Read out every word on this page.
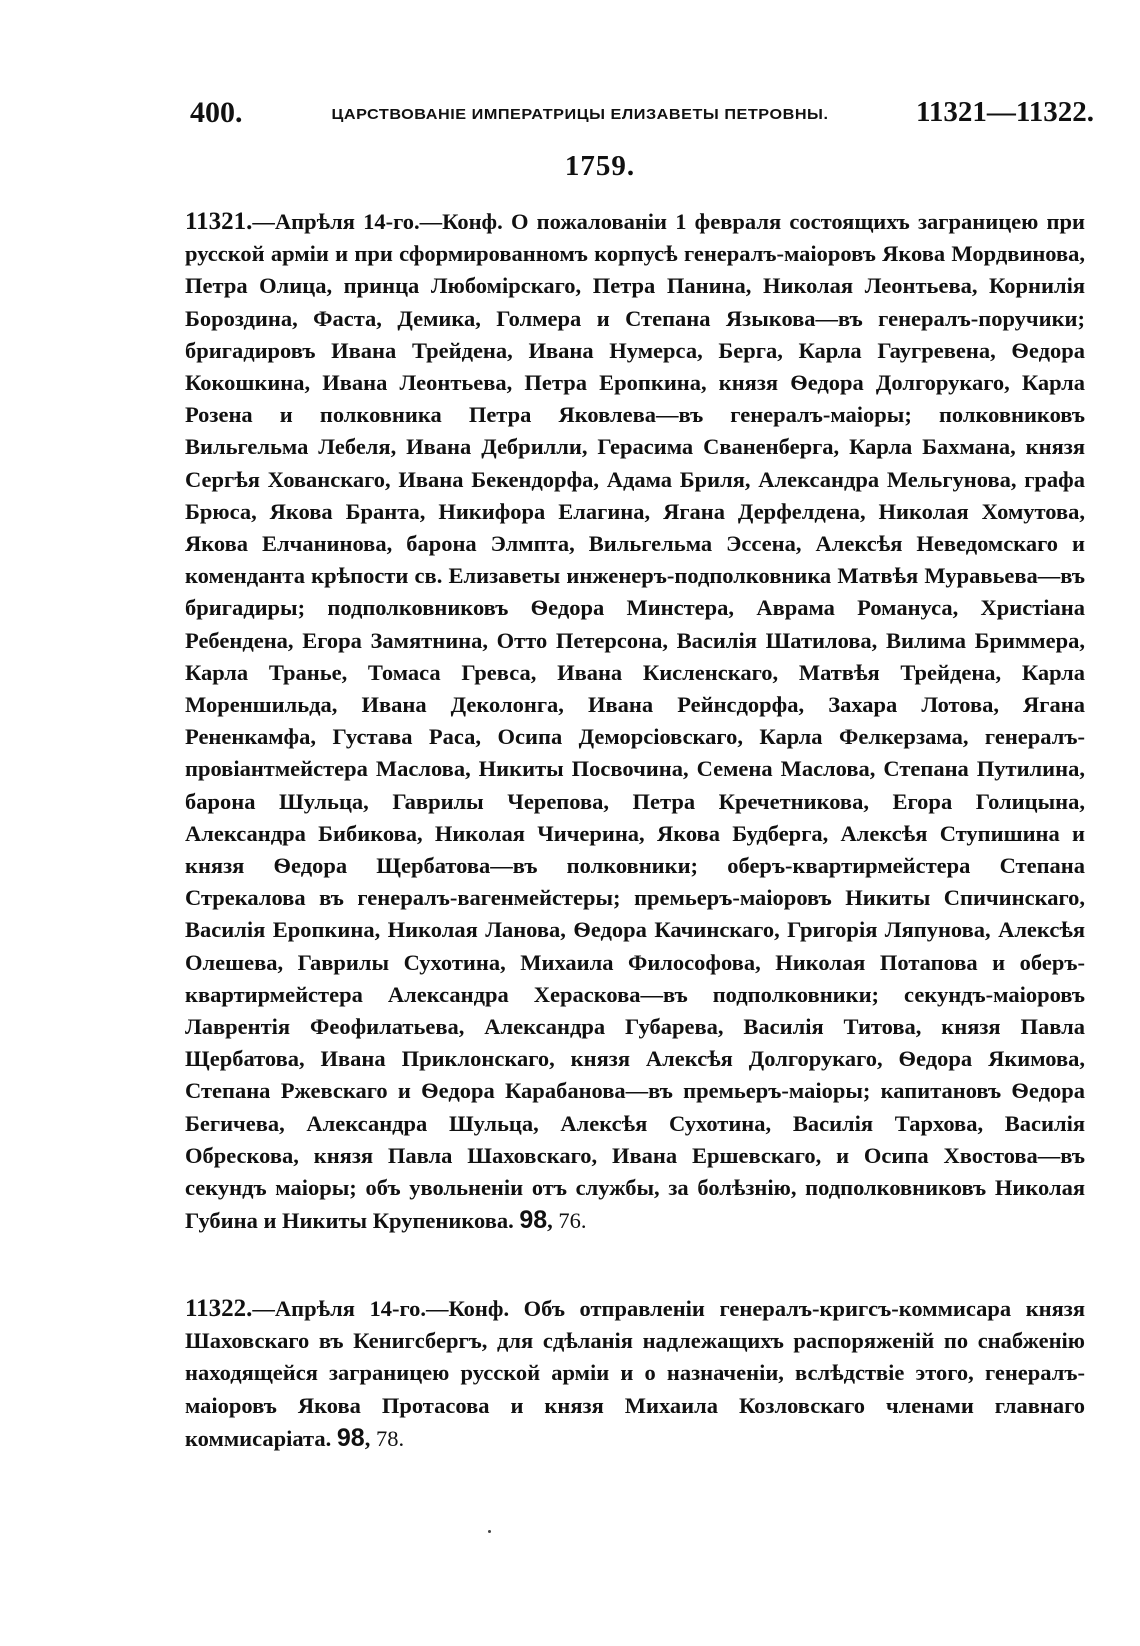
400.	ЦАРСТВОВАНІЕ ИМПЕРАТРИЦЫ ЕЛИЗАВЕТЫ ПЕТРОВНЫ.	11321—11322.
1759.
11321.—Апрѣля 14-го.—Конф. О пожалованіи 1 февраля состоящихъ заграницею при русской арміи и при сформированномъ корпусѣ генералъ-маіоровъ Якова Мордвинова, Петра Олица, принца Любомірскаго, Петра Панина, Николая Леонтьева, Корнилія Бороздина, Фаста, Демика, Голмера и Степана Языкова—въ генералъ-поручики; бригадировъ Ивана Трейдена, Ивана Нумерса, Берга, Карла Гаугревена, Ѳедора Кокошкина, Ивана Леонтьева, Петра Еропкина, князя Ѳедора Долгорукаго, Карла Розена и полковника Петра Яковлева—въ генералъ-маіоры; полковниковъ Вильгельма Лебеля, Ивана Дебрилли, Герасима Сваненберга, Карла Бахмана, князя Сергѣя Хованскаго, Ивана Бекендорфа, Адама Бриля, Александра Мельгунова, графа Брюса, Якова Бранта, Никифора Елагина, Ягана Дерфелдена, Николая Хомутова, Якова Елчанинова, барона Элмпта, Вильгельма Эссена, Алексѣя Неведомскаго и коменданта крѣпости св. Елизаветы инженеръ-подполковника Матвѣя Муравьева—въ бригадиры; подполковниковъ Ѳедора Минстера, Аврама Романуса, Христіана Ребендена, Егора Замятнина, Отто Петерсона, Василія Шатилова, Вилима Бриммера, Карла Транье, Томаса Гревса, Ивана Кисленскаго, Матвѣя Трейдена, Карла Мореншильда, Ивана Деколонга, Ивана Рейнсдорфа, Захара Лотова, Ягана Рененкамфа, Густава Раса, Осипа Деморсіовскаго, Карла Фелкерзама, генералъ-провіантмейстера Маслова, Никиты Посвочина, Семена Маслова, Степана Путилина, барона Шульца, Гаврилы Черепова, Петра Кречетникова, Егора Голицына, Александра Бибикова, Николая Чичерина, Якова Будберга, Алексѣя Ступишина и князя Ѳедора Щербатова—въ полковники; оберъ-квартирмейстера Степана Стрекалова въ генералъ-вагенмейстеры; премьеръ-маіоровъ Никиты Спичинскаго, Василія Еропкина, Николая Ланова, Ѳедора Качинскаго, Григорія Ляпунова, Алексѣя Олешева, Гаврилы Сухотина, Михаила Философова, Николая Потапова и оберъ-квартирмейстера Александра Хераскова—въ подполковники; секундъ-маіоровъ Лаврентія Феофилатьева, Александра Губарева, Василія Титова, князя Павла Щербатова, Ивана Приклонскаго, князя Алексѣя Долгорукаго, Ѳедора Якимова, Степана Ржевскаго и Ѳедора Карабанова—въ премьеръ-маіоры; капитановъ Ѳедора Бегичева, Александра Шульца, Алексѣя Сухотина, Василія Тархова, Василія Обрескова, князя Павла Шаховскаго, Ивана Ершевскаго, и Осипа Хвостова—въ секундъ маіоры; объ увольненіи отъ службы, за болѣзнію, подполковниковъ Николая Губина и Никиты Крупеникова. 98, 76.
11322.—Апрѣля 14-го.—Конф. Объ отправленіи генералъ-кригсъ-коммисара князя Шаховскаго въ Кенигсбергъ, для сдѣланія надлежащихъ распоряженій по снабженію находящейся заграницею русской арміи и о назначеніи, вслѣдствіе этого, генералъ-маіоровъ Якова Протасова и князя Михаила Козловскаго членами главнаго коммисаріата. 98, 78.
